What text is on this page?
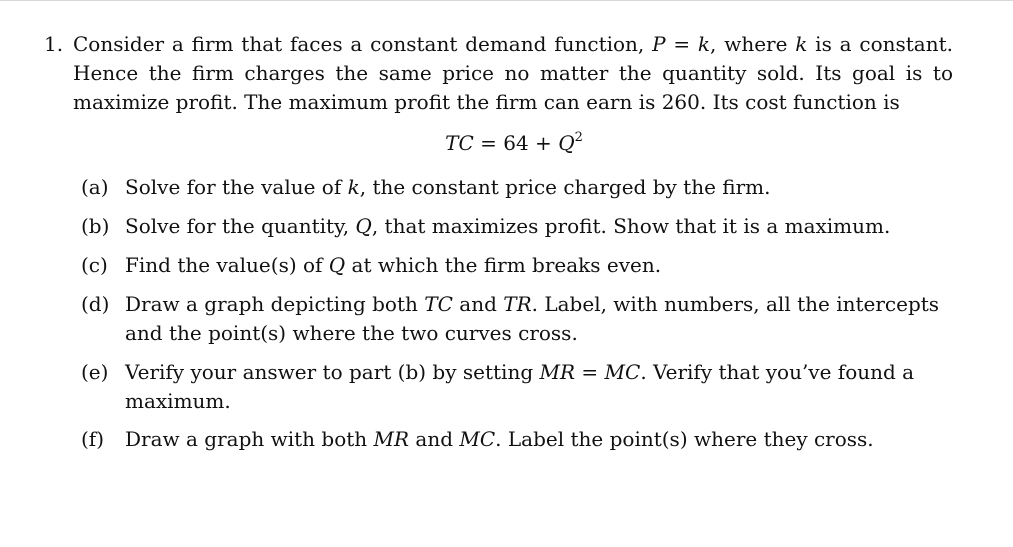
1. Consider a firm that faces a constant demand function, P = k, where k is a constant. Hence the firm charges the same price no matter the quantity sold. Its goal is to maximize profit. The maximum profit the firm can earn is 260. Its cost function is
TC = $64 + Q^2$
(a) Solve for the value of k, the constant price charged by the firm.
(b) Solve for the quantity, Q, that maximizes profit. Show that it is a maximum.
(c) Find the value(s) of Q at which the firm breaks even.
(d) Draw a graph depicting both TC and TR. Label, with numbers, all the intercepts and the point(s) where the two curves cross.
(e) Verify your answer to part (b) by setting MR = MC. Verify that you’ve found a maximum.
(f) Draw a graph with both MR and MC. Label the point(s) where they cross.
